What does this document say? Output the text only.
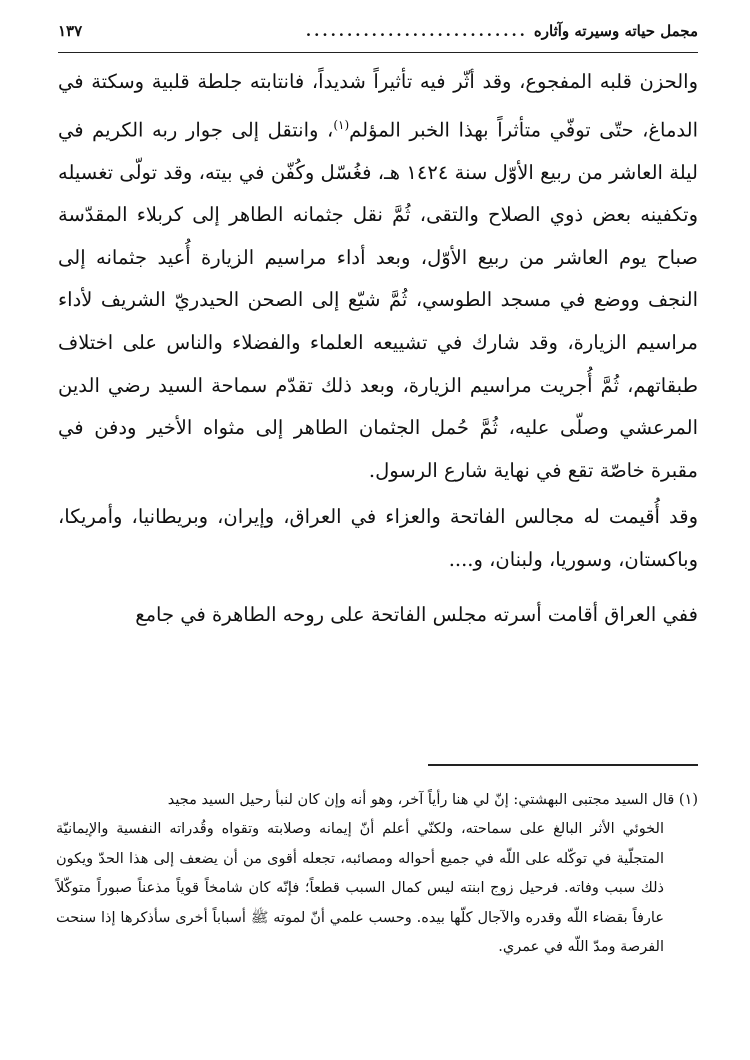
مجمل حياته وسيرته وآثاره
...........................
١٣٧

والحزن قلبه المفجوع، وقد أثّر فيه تأثيراً شديداً، فانتابته جلطة قلبية وسكتة في الدماغ، حتّى توفّي متأثراً بهذا الخبر المؤلم$^{(١)}$، وانتقل إلى جوار ربه الكريم في ليلة العاشر من ربيع الأوّل سنة ١٤٢٤ هـ، فغُسّل وكُفّن في بيته، وقد تولّى تغسيله وتكفينه بعض ذوي الصلاح والتقى، ثُمَّ نقل جثمانه الطاهر إلى كربلاء المقدّسة صباح يوم العاشر من ربيع الأوّل، وبعد أداء مراسيم الزيارة أُعيد جثمانه إلى النجف ووضع في مسجد الطوسي، ثُمَّ شيّع إلى الصحن الحيدريّ الشريف لأداء مراسيم الزيارة، وقد شارك في تشييعه العلماء والفضلاء والناس على اختلاف طبقاتهم، ثُمَّ أُجريت مراسيم الزيارة، وبعد ذلك تقدّم سماحة السيد رضي الدين المرعشي وصلّى عليه، ثُمَّ حُمل الجثمان الطاهر إلى مثواه الأخير ودفن في مقبرة خاصّة تقع في نهاية شارع الرسول.

وقد أُقيمت له مجالس الفاتحة والعزاء في العراق، وإيران، وبريطانيا، وأمريكا، وباكستان، وسوريا، ولبنان، و....

ففي العراق أقامت أسرته مجلس الفاتحة على روحه الطاهرة في جامع

(١) قال السيد مجتبى البهشتي: إنّ لي هنا رأياً آخر، وهو أنه وإن كان لنبأ رحيل السيد مجيد
الخوئي الأثر البالغ على سماحته، ولكنّي أعلم أنّ إيمانه وصلابته وتقواه وقُدراته النفسية والإيمانيّة المتجلّية في توكّله على اللّه في جميع أحواله ومصائبه، تجعله أقوى من أن يضعف إلى هذا الحدّ ويكون ذلك سبب وفاته. فرحيل زوج ابنته ليس كمال السبب قطعاً؛ فإنّه كان شامخاً قوياً مذعناً صبوراً متوكّلاً عارفاً بقضاء اللّه وقدره والآجال كلّها بيده. وحسب علمي أنّ لموته ﷺ أسباباً أخرى سأذكرها إذا سنحت الفرصة ومدّ اللّه في عمري.
